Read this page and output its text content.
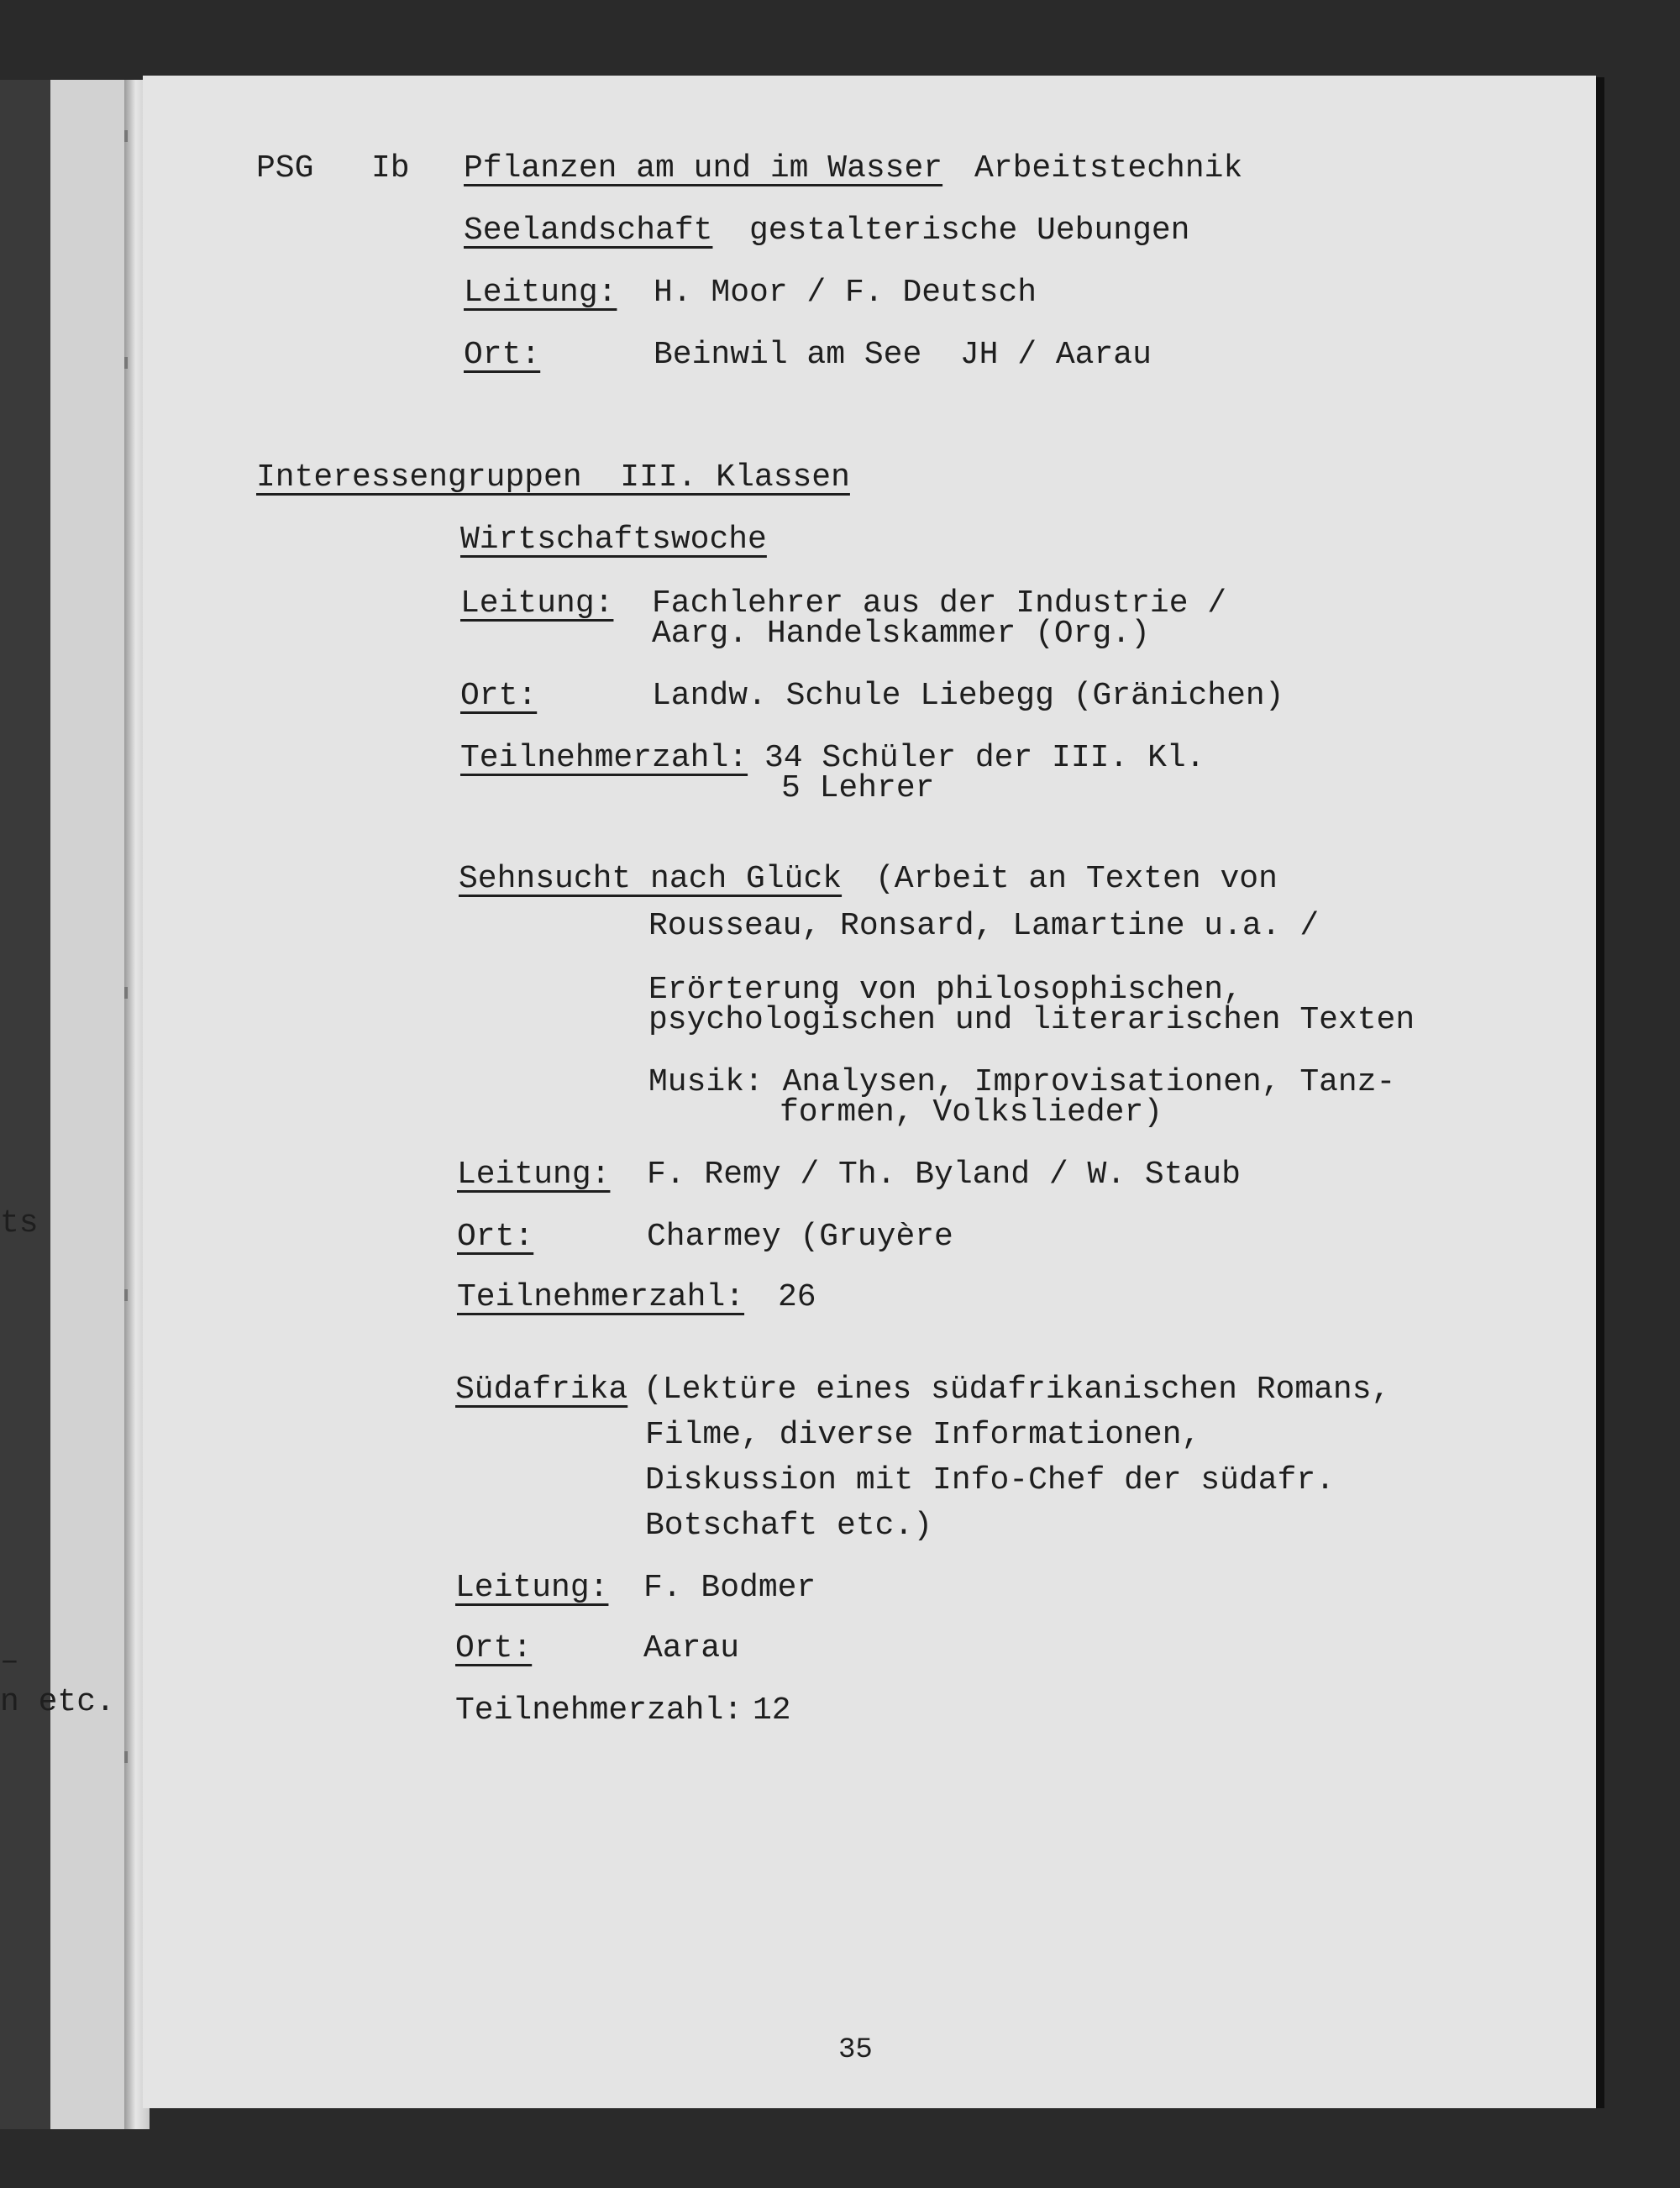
ts
–
n etc.
PSG Ib Pflanzen am und im Wasser Arbeitstechnik
Seelandschaft gestalterische Uebungen
Leitung: H. Moor / F. Deutsch
Ort:	Beinwil am See  JH / Aarau
Interessengruppen  III. Klassen
Wirtschaftswoche
Leitung: Fachlehrer aus der Industrie /
Aarg. Handelskammer (Org.)
Ort:	Landw. Schule Liebegg (Gränichen)
Teilnehmerzahl: 34 Schüler der III. Kl.
5 Lehrer
Sehnsucht nach Glück (Arbeit an Texten von
Rousseau, Ronsard, Lamartine u.a. /
Erörterung von philosophischen,
psychologischen und literarischen Texten
Musik: Analysen, Improvisationen, Tanz-
formen, Volkslieder)
Leitung: F. Remy / Th. Byland / W. Staub
Ort:	Charmey (Gruyère
Teilnehmerzahl: 26
Südafrika (Lektüre eines südafrikanischen Romans,
Filme, diverse Informationen,
Diskussion mit Info-Chef der südafr.
Botschaft etc.)
Leitung: F. Bodmer
Ort:	Aarau
Teilnehmerzahl: 12
35
